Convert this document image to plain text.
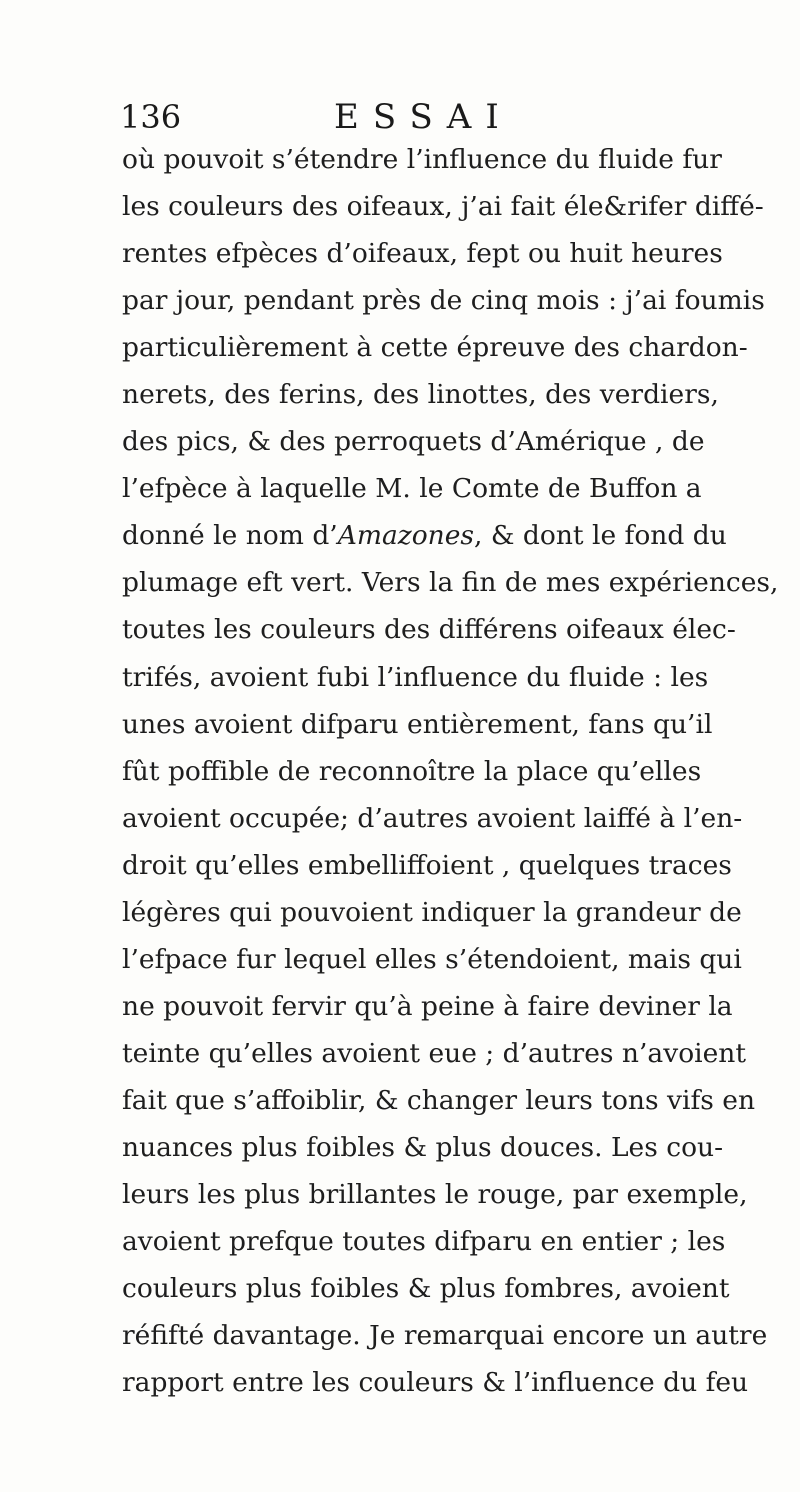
136	ESSAI
où pouvoit s’étendre l’influence du fluide fur
les couleurs des oifeaux, j’ai fait éle&rifer diffé-
rentes efpèces d’oifeaux, fept ou huit heures
par jour, pendant près de cinq mois : j’ai foumis
particulièrement à cette épreuve des chardon-
nerets, des ferins, des linottes, des verdiers,
des pics, & des perroquets d’Amérique , de
l’efpèce à laquelle M. le Comte de Buffon a
donné le nom d’Amazones, & dont le fond du
plumage eft vert. Vers la fin de mes expériences,
toutes les couleurs des différens oifeaux élec-
trifés, avoient fubi l’influence du fluide : les
unes avoient difparu entièrement, fans qu’il
fût poffible de reconnoître la place qu’elles
avoient occupée; d’autres avoient laiffé à l’en-
droit qu’elles embelliffoient , quelques traces
légères qui pouvoient indiquer la grandeur de
l’efpace fur lequel elles s’étendoient, mais qui
ne pouvoit fervir qu’à peine à faire deviner la
teinte qu’elles avoient eue ; d’autres n’avoient
fait que s’affoiblir, & changer leurs tons vifs en
nuances plus foibles & plus douces. Les cou-
leurs les plus brillantes le rouge, par exemple,
avoient prefque toutes difparu en entier ; les
couleurs plus foibles & plus fombres, avoient
réfifté davantage. Je remarquai encore un autre
rapport entre les couleurs & l’influence du feu
